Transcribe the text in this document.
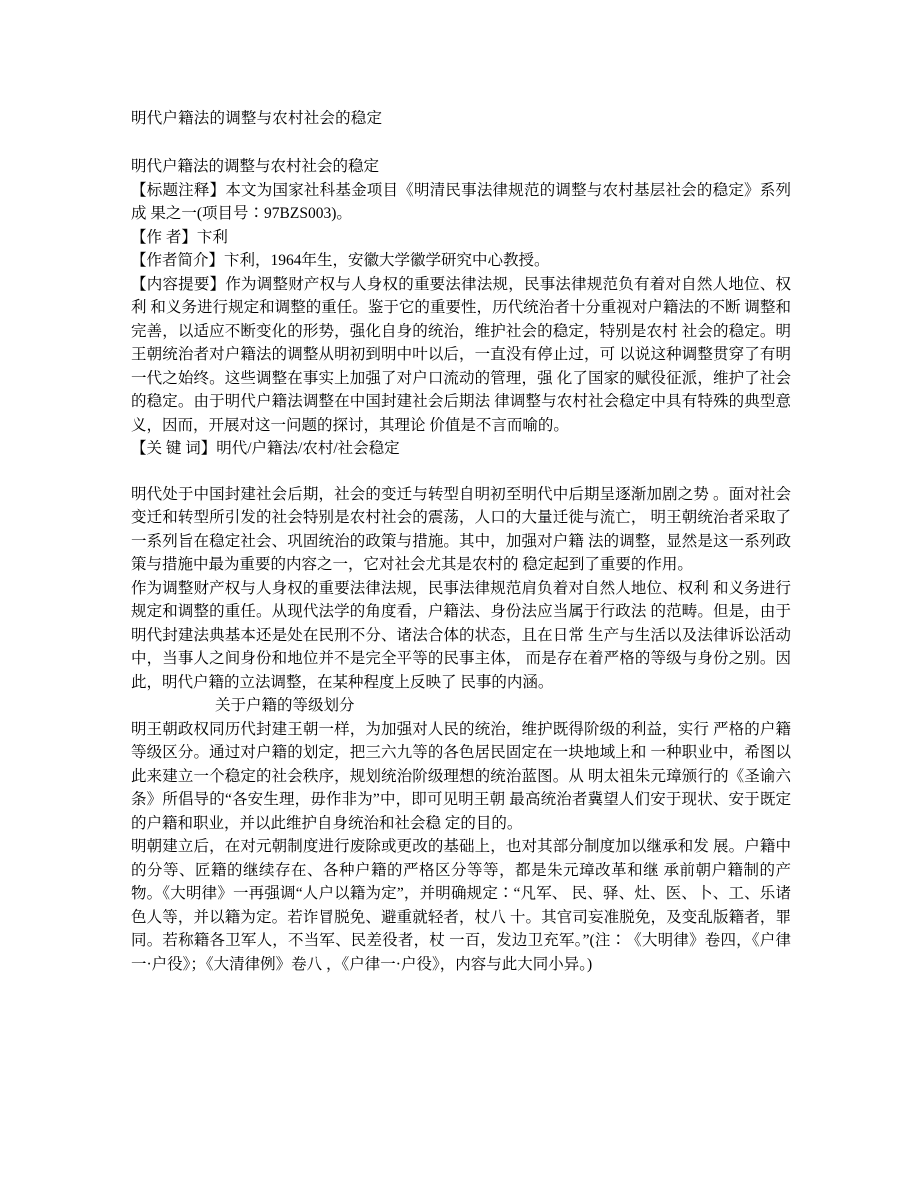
明代户籍法的调整与农村社会的稳定

明代户籍法的调整与农村社会的稳定

【标题注释】本文为国家社科基金项目《明清民事法律规范的调整与农村基层社会的稳定》系列成 果之一(项目号∶97BZS003)。

【作 者】卞利

【作者简介】卞利，1964年生，安徽大学徽学研究中心教授。

【内容提要】作为调整财产权与人身权的重要法律法规，民事法律规范负有着对自然人地位、权利 和义务进行规定和调整的重任。鉴于它的重要性，历代统治者十分重视对户籍法的不断 调整和完善，以适应不断变化的形势，强化自身的统治，维护社会的稳定，特别是农村 社会的稳定。明王朝统治者对户籍法的调整从明初到明中叶以后，一直没有停止过，可 以说这种调整贯穿了有明一代之始终。这些调整在事实上加强了对户口流动的管理，强 化了国家的赋役征派，维护了社会的稳定。由于明代户籍法调整在中国封建社会后期法 律调整与农村社会稳定中具有特殊的典型意义，因而，开展对这一问题的探讨，其理论 价值是不言而喻的。

【关 键 词】明代/户籍法/农村/社会稳定

明代处于中国封建社会后期，社会的变迁与转型自明初至明代中后期呈逐渐加剧之势 。面对社会变迁和转型所引发的社会特别是农村社会的震荡，人口的大量迁徙与流亡， 明王朝统治者采取了一系列旨在稳定社会、巩固统治的政策与措施。其中，加强对户籍 法的调整，显然是这一系列政策与措施中最为重要的内容之一，它对社会尤其是农村的 稳定起到了重要的作用。

作为调整财产权与人身权的重要法律法规，民事法律规范肩负着对自然人地位、权利 和义务进行规定和调整的重任。从现代法学的角度看，户籍法、身份法应当属于行政法 的范畴。但是，由于明代封建法典基本还是处在民刑不分、诸法合体的状态，且在日常 生产与生活以及法律诉讼活动中，当事人之间身份和地位并不是完全平等的民事主体， 而是存在着严格的等级与身份之别。因此，明代户籍的立法调整，在某种程度上反映了 民事的内涵。

关于户籍的等级划分

明王朝政权同历代封建王朝一样，为加强对人民的统治，维护既得阶级的利益，实行 严格的户籍等级区分。通过对户籍的划定，把三六九等的各色居民固定在一块地域上和 一种职业中，希图以此来建立一个稳定的社会秩序，规划统治阶级理想的统治蓝图。从 明太祖朱元璋颁行的《圣谕六条》所倡导的“各安生理，毋作非为”中，即可见明王朝 最高统治者冀望人们安于现状、安于既定的户籍和职业，并以此维护自身统治和社会稳 定的目的。

明朝建立后，在对元朝制度进行废除或更改的基础上，也对其部分制度加以继承和发 展。户籍中的分等、匠籍的继续存在、各种户籍的严格区分等等，都是朱元璋改革和继 承前朝户籍制的产物。《大明律》一再强调“人户以籍为定”，并明确规定∶“凡军、 民、驿、灶、医、卜、工、乐诸色人等，并以籍为定。若诈冒脱免、避重就轻者，杖八 十。其官司妄准脱免，及变乱版籍者，罪同。若称籍各卫军人，不当军、民差役者，杖 一百，发边卫充军。”(注∶《大明律》卷四，《户律一·户役》；《大清律例》卷八 ，《户律一·户役》，内容与此大同小异。)
